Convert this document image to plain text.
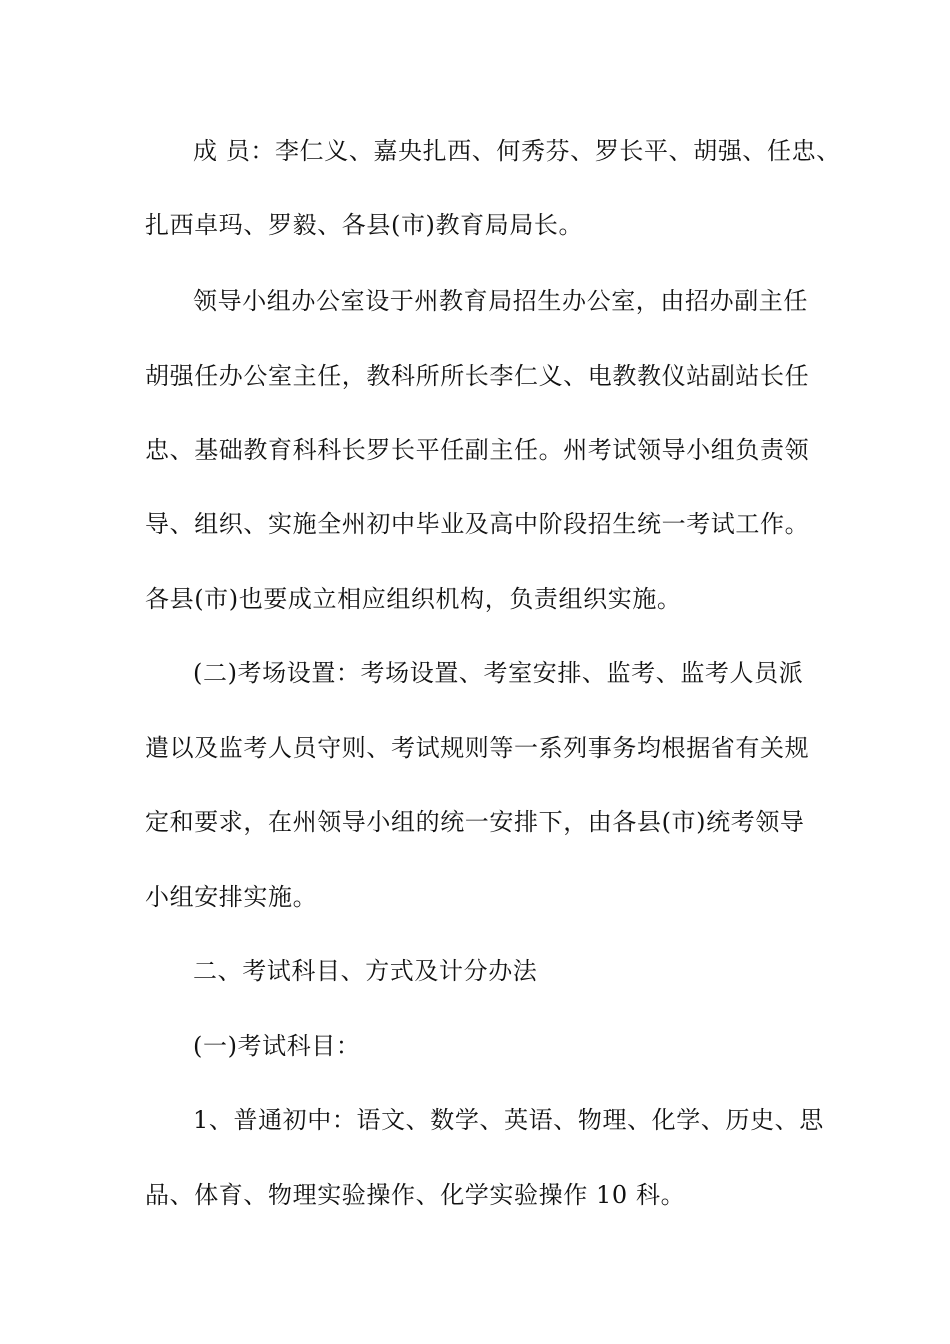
成 员：李仁义、嘉央扎西、何秀芬、罗长平、胡强、任忠、
扎西卓玛、罗毅、各县(市)教育局局长。
领导小组办公室设于州教育局招生办公室，由招办副主任
胡强任办公室主任，教科所所长李仁义、电教教仪站副站长任
忠、基础教育科科长罗长平任副主任。州考试领导小组负责领
导、组织、实施全州初中毕业及高中阶段招生统一考试工作。
各县(市)也要成立相应组织机构，负责组织实施。
(二)考场设置：考场设置、考室安排、监考、监考人员派
遣以及监考人员守则、考试规则等一系列事务均根据省有关规
定和要求，在州领导小组的统一安排下，由各县(市)统考领导
小组安排实施。
二、考试科目、方式及计分办法
(一)考试科目：
1、普通初中：语文、数学、英语、物理、化学、历史、思
品、体育、物理实验操作、化学实验操作 10 科。
